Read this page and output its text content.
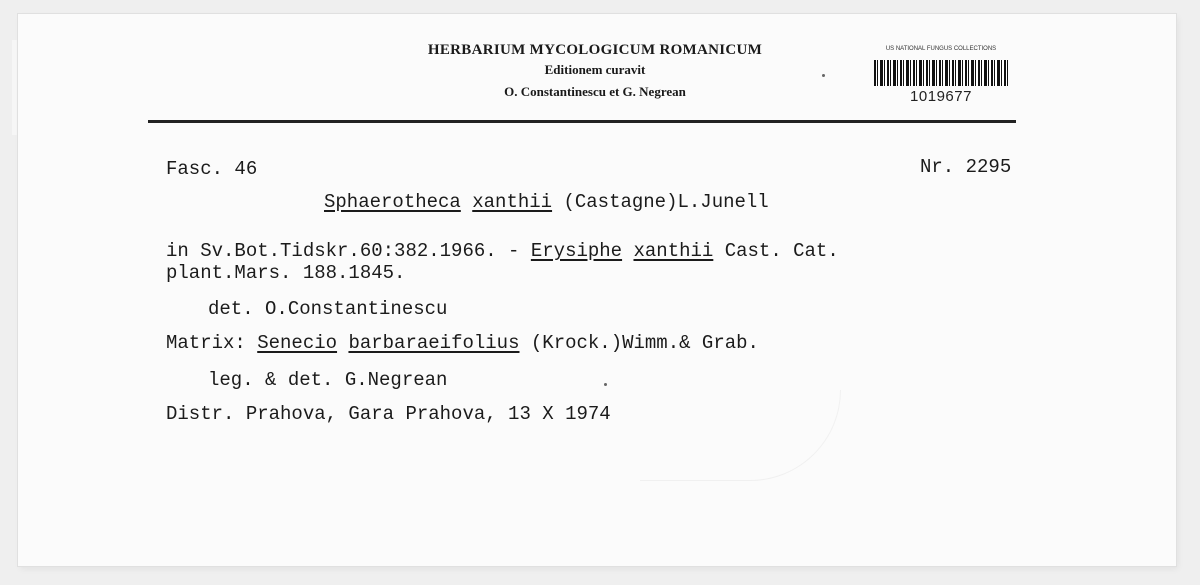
HERBARIUM MYCOLOGICUM ROMANICUM
Editionem curavit
O. Constantinescu et G. Negrean
US NATIONAL FUNGUS COLLECTIONS
1019677
Fasc. 46	Nr. 2295
Sphaerotheca xanthii (Castagne)L.Junell
in Sv.Bot.Tidskr.60:382.1966. - Erysiphe xanthii Cast. Cat.
plant.Mars. 188.1845.
det. O.Constantinescu
Matrix: Senecio barbaraeifolius (Krock.)Wimm.& Grab.
leg. & det. G.Negrean
Distr. Prahova, Gara Prahova, 13 X 1974
